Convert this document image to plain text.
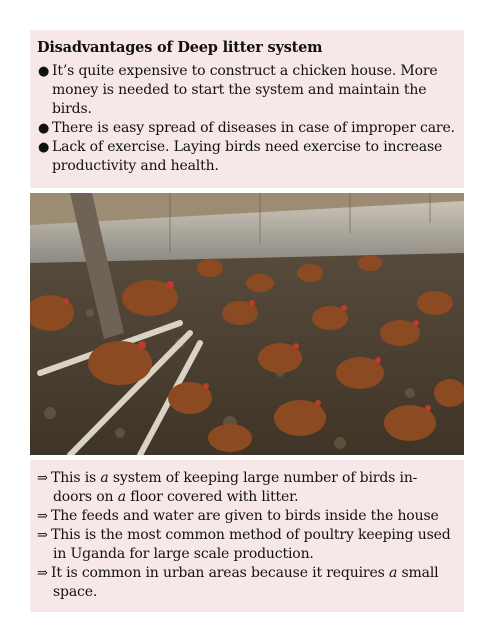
Disadvantages of Deep litter system
● It’s quite expensive to construct a chicken house. More money is needed to start the system and maintain the birds.
● There is easy spread of diseases in case of improper care.
● Lack of exercise. Laying birds need exercise to increase productivity and health.
⇒ This is a system of keeping large number of birds in-doors on a floor covered with litter.
⇒ The feeds and water are given to birds inside the house
⇒ This is the most common method of poultry keeping used in Uganda for large scale production.
⇒ It is common in urban areas because it requires a small space.
